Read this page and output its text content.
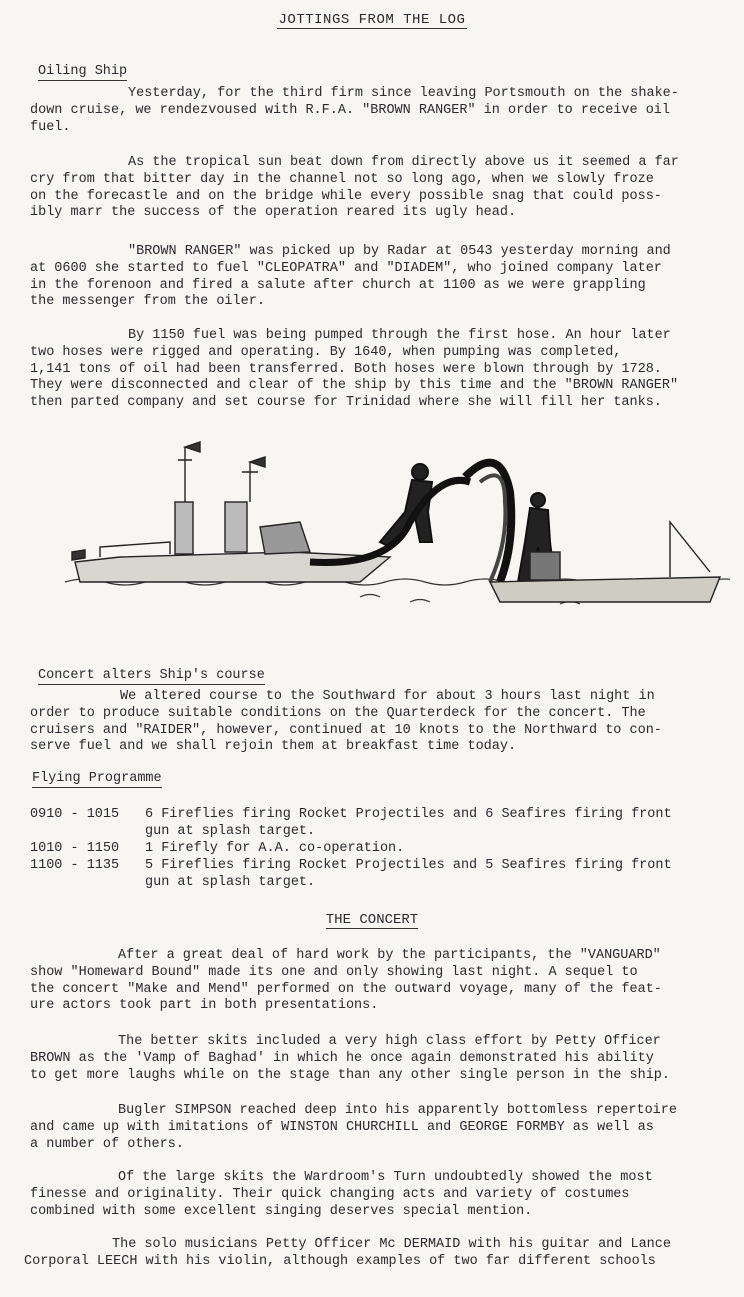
JOTTINGS FROM THE LOG
Oiling Ship
Yesterday, for the third firm since leaving Portsmouth on the shake-
down cruise, we rendezvoused with R.F.A. "BROWN RANGER" in order to receive oil
fuel.
As the tropical sun beat down from directly above us it seemed a far
cry from that bitter day in the channel not so long ago, when we slowly froze
on the forecastle and on the bridge while every possible snag that could poss-
ibly marr the success of the operation reared its ugly head.
"BROWN RANGER" was picked up by Radar at 0543 yesterday morning and
at 0600 she started to fuel "CLEOPATRA" and "DIADEM", who joined company later
in the forenoon and fired a salute after church at 1100 as we were grappling
the messenger from the oiler.
By 1150 fuel was being pumped through the first hose. An hour later
two hoses were rigged and operating. By 1640, when pumping was completed,
1,141 tons of oil had been transferred. Both hoses were blown through by 1728.
They were disconnected and clear of the ship by this time and the "BROWN RANGER"
then parted company and set course for Trinidad where she will fill her tanks.
Concert alters Ship's course
We altered course to the Southward for about 3 hours last night in
order to produce suitable conditions on the Quarterdeck for the concert. The
cruisers and "RAIDER", however, continued at 10 knots to the Northward to con-
serve fuel and we shall rejoin them at breakfast time today.
Flying Programme
0910 - 1015	6 Fireflies firing Rocket Projectiles and 6 Seafires firing front
gun at splash target.
1010 - 1150	1 Firefly for A.A. co-operation.
1100 - 1135	5 Fireflies firing Rocket Projectiles and 5 Seafires firing front
gun at splash target.
THE CONCERT
After a great deal of hard work by the participants, the "VANGUARD"
show "Homeward Bound" made its one and only showing last night. A sequel to
the concert "Make and Mend" performed on the outward voyage, many of the feat-
ure actors took part in both presentations.
The better skits included a very high class effort by Petty Officer
BROWN as the 'Vamp of Baghad' in which he once again demonstrated his ability
to get more laughs while on the stage than any other single person in the ship.
Bugler SIMPSON reached deep into his apparently bottomless repertoire
and came up with imitations of WINSTON CHURCHILL and GEORGE FORMBY as well as
a number of others.
Of the large skits the Wardroom's Turn undoubtedly showed the most
finesse and originality. Their quick changing acts and variety of costumes
combined with some excellent singing deserves special mention.
The solo musicians Petty Officer Mc DERMAID with his guitar and Lance
Corporal LEECH with his violin, although examples of two far different schools
